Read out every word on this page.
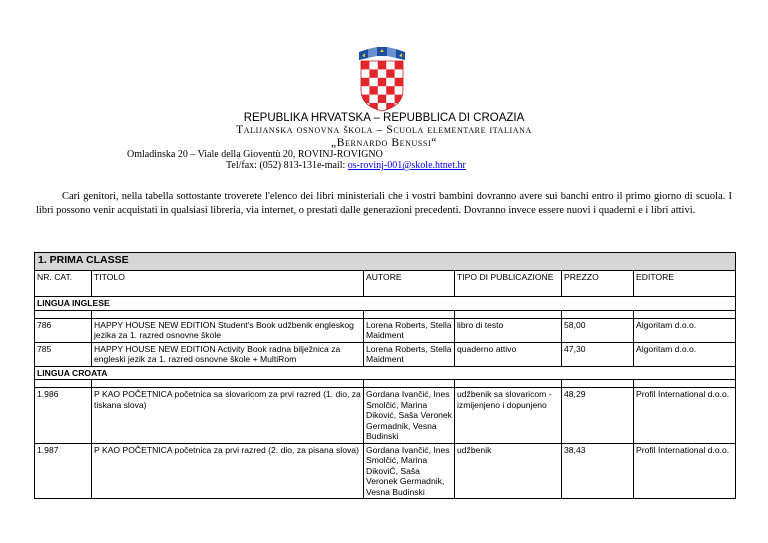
REPUBLIKA HRVATSKA – REPUBBLICA DI CROAZIA
Talijanska osnovna škola – Scuola elementare italiana
„Bernardo Benussi“
Omladinska 20 – Viale della Gioventù 20, ROVINJ-ROVIGNO
Tel/fax: (052) 813-131e-mail: os-rovinj-001@skole.htnet.hr
Cari genitori, nella tabella sottostante troverete l'elenco dei libri ministeriali che i vostri bambini dovranno avere sui banchi entro il primo giorno di scuola. I libri possono venir acquistati in qualsiasi libreria, via internet, o prestati dalle generazioni precedenti. Dovranno invece essere nuovi i quaderni e i libri attivi.
1. PRIMA CLASSE					
NR. CAT.	TITOLO	AUTORE	TIPO DI PUBLICAZIONE	PREZZO	EDITORE
LINGUA INGLESE					

786	HAPPY HOUSE NEW EDITION Student's Book udžbenik engleskog jezika za 1. razred osnovne škole	Lorena Roberts, Stella Maidment	libro di testo	58,00	Algoritam d.o.o.
785	HAPPY HOUSE NEW EDITION Activity Book radna bilježnica za engleski jezik za 1. razred osnovne škole + MultiRom	Lorena Roberts, Stella Maidment	quaderno attivo	47,30	Algoritam d.o.o.
LINGUA CROATA					

1.986	P KAO POČETNICA početnica sa slovaricom za prvi razred (1. dio, za tiskana slova)	Gordana Ivančić, Ines Smolčić, Marina Diković, Saša Veronek Germadnik, Vesna Budinski	udžbenik sa slovaricom - izmijenjeno i dopunjeno	48,29	Profil International d.o.o.
1.987	P KAO POČETNICA početnica za prvi razred (2. dio, za pisana slova)	Gordana Ivančić, Ines Smolčić, Marina DikoviĆ, Saša Veronek Germadnik, Vesna Budinski	udžbenik	38,43	Profil International d.o.o.
